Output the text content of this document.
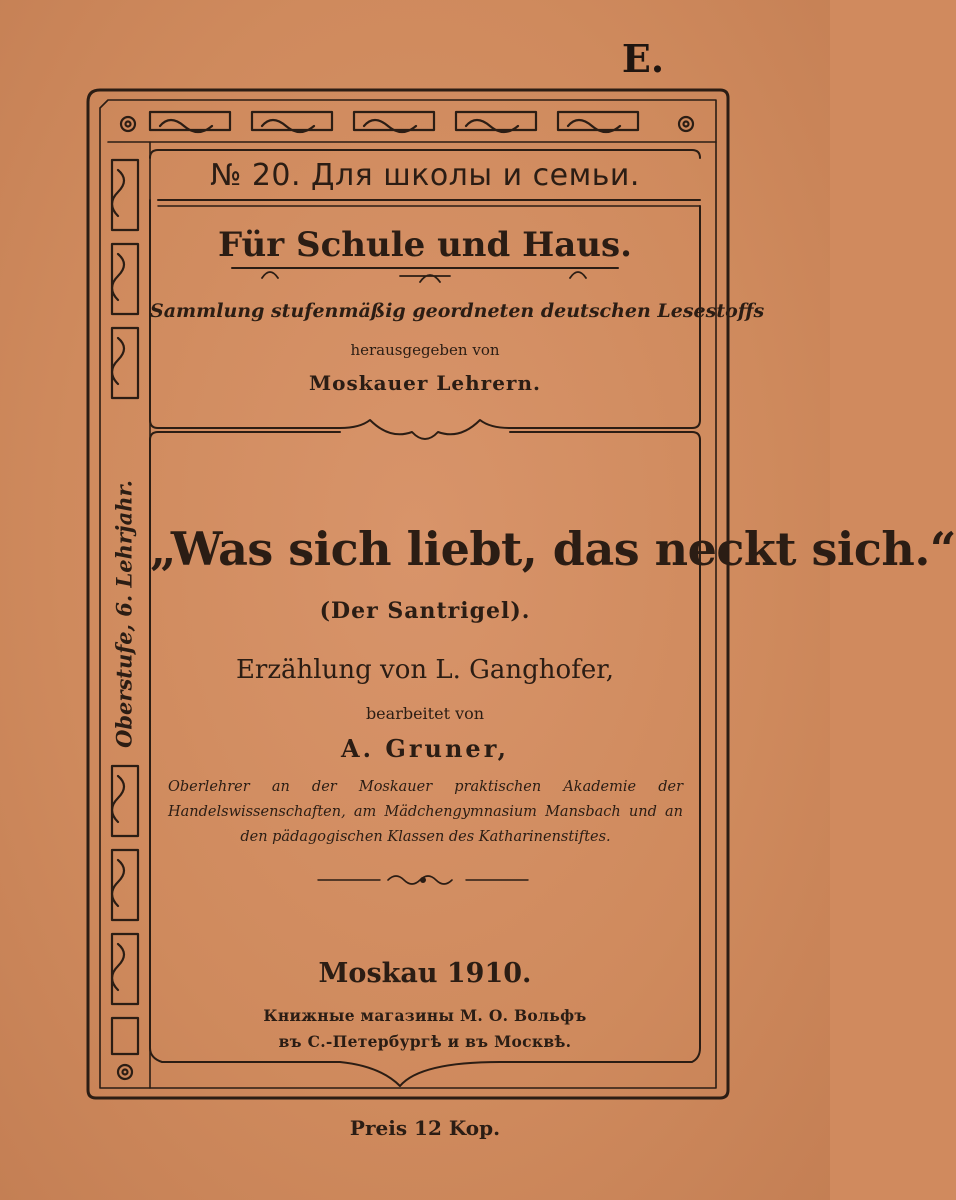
E.
№ 20. Для школы и семьи.
Für Schule und Haus.
Sammlung stufenmäßig geordneten deutschen Lesestoffs
herausgegeben von
Moskauer Lehrern.
Oberstufe, 6. Lehrjahr. „Was sich liebt, das neckt sich.“
(Der Santrigel).
Erzählung von L. Ganghofer,
bearbeitet von
A. Gruner,
Oberlehrer an der Moskauer praktischen Akademie der Handelswissenschaften, am Mädchengymnasium Mansbach und an den pädagogischen Klassen des Katharinenstiftes.
Moskau 1910.
Книжные магазины М. О. Вольфъ
въ С.-Петербургѣ и въ Москвѣ.
Preis 12 Kop.
